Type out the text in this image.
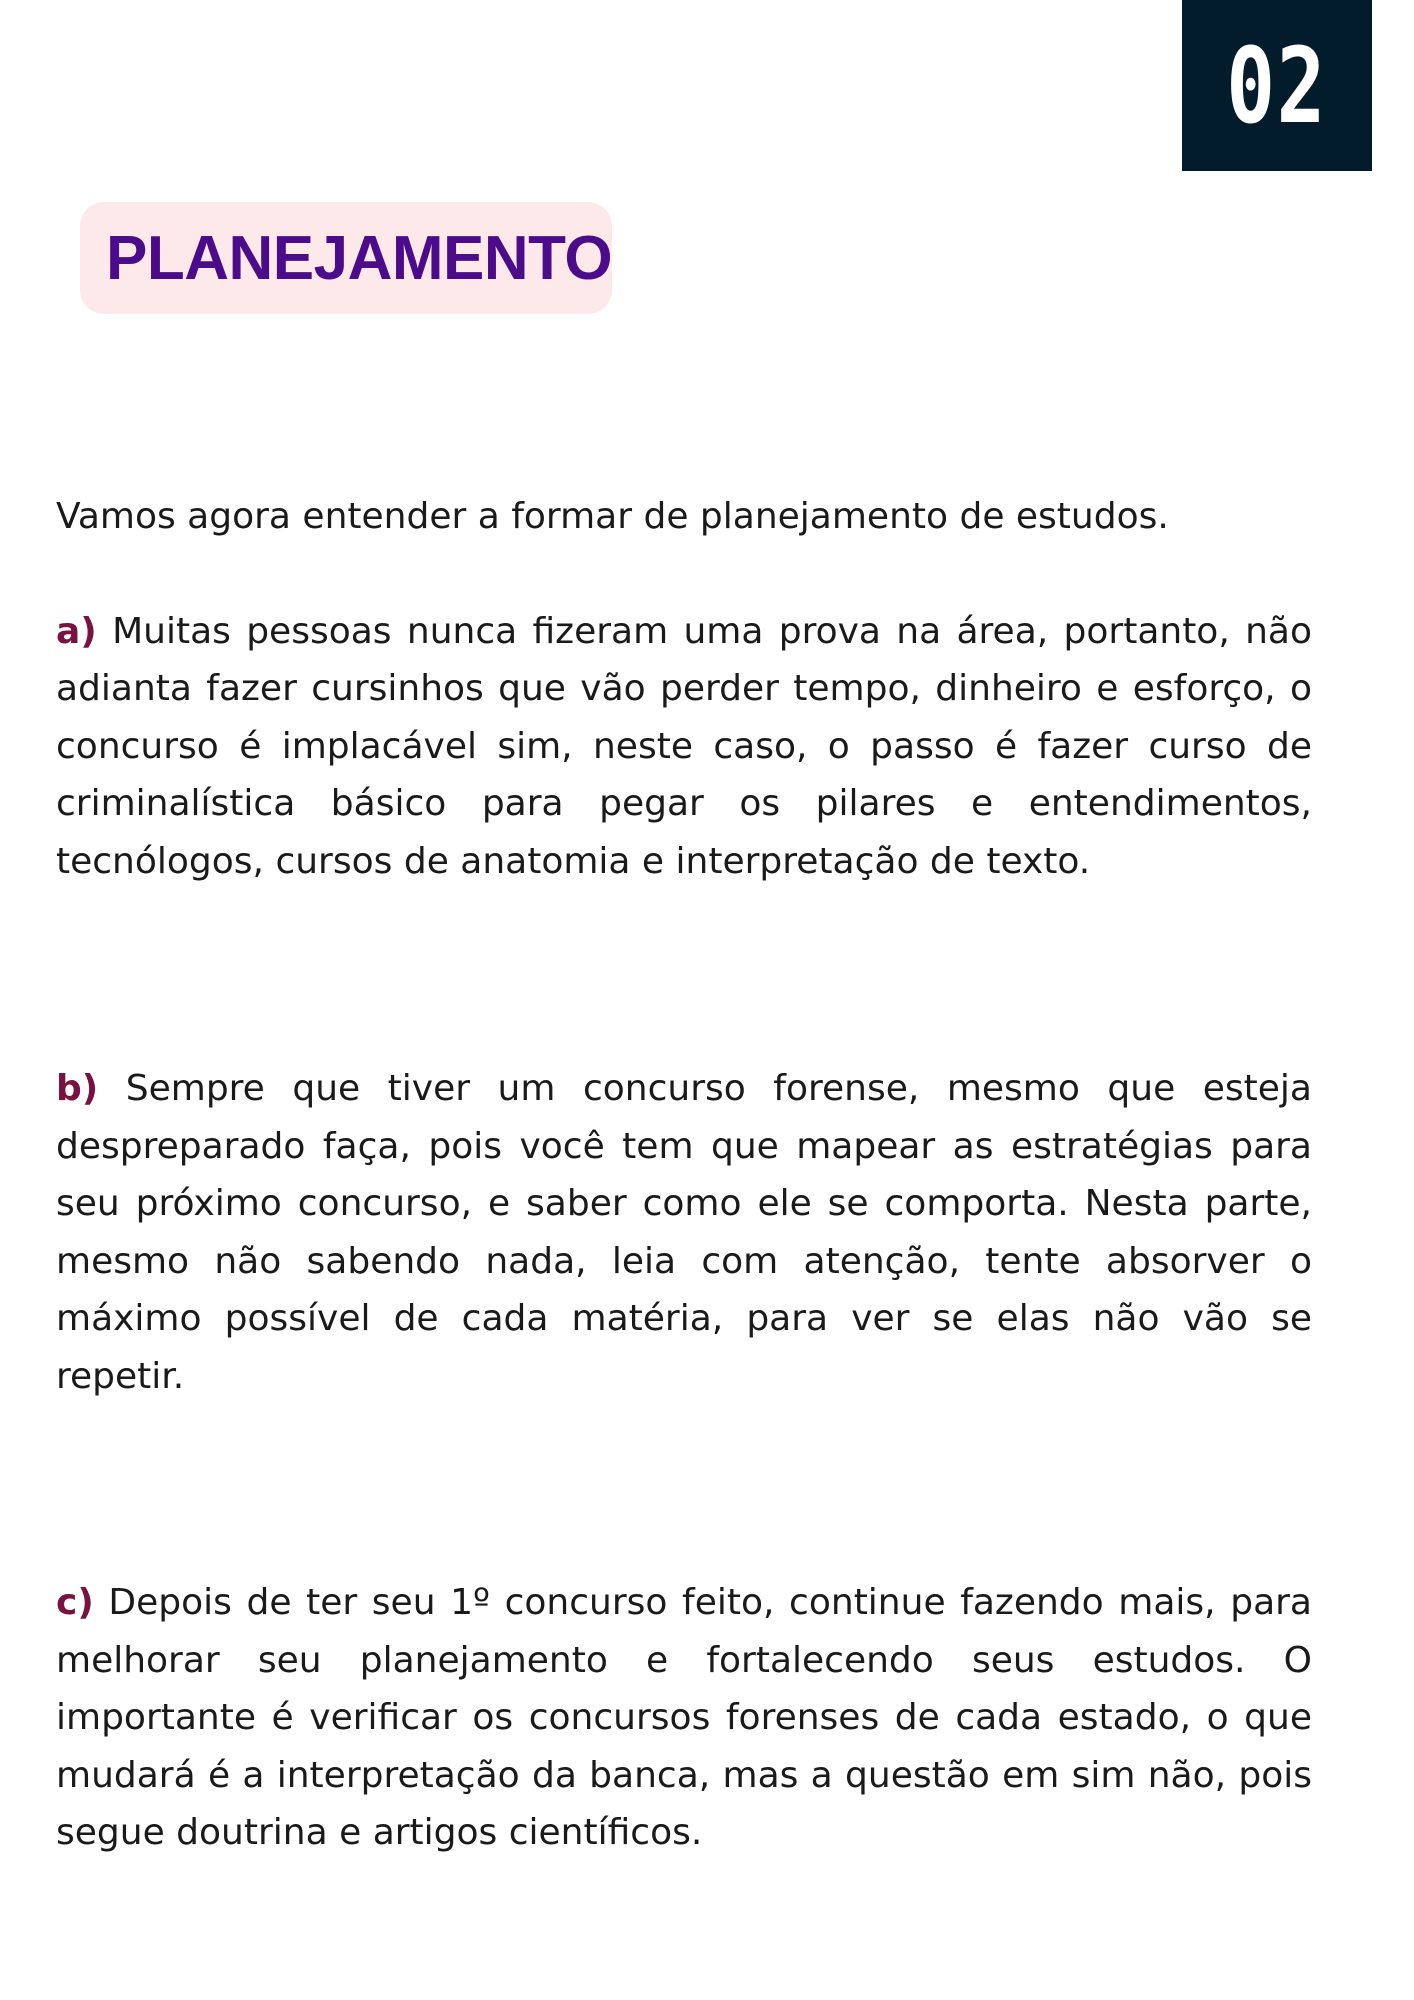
02
PLANEJAMENTO

Vamos agora entender a formar de planejamento de estudos.

a) Muitas pessoas nunca fizeram uma prova na área, portanto, não adianta fazer cursinhos que vão perder tempo, dinheiro e esforço, o concurso é implacável sim, neste caso, o passo é fazer curso de criminalística básico para pegar os pilares e entendimentos, tecnólogos, cursos de anatomia e interpretação de texto.

b) Sempre que tiver um concurso forense, mesmo que esteja despreparado faça, pois você tem que mapear as estratégias para seu próximo concurso, e saber como ele se comporta. Nesta parte, mesmo não sabendo nada, leia com atenção, tente absorver o máximo possível de cada matéria, para ver se elas não vão se repetir.

c) Depois de ter seu 1º concurso feito, continue fazendo mais, para melhorar seu planejamento e fortalecendo seus estudos. O importante é verificar os concursos forenses de cada estado, o que mudará é a interpretação da banca, mas a questão em sim não, pois segue doutrina e artigos científicos.
